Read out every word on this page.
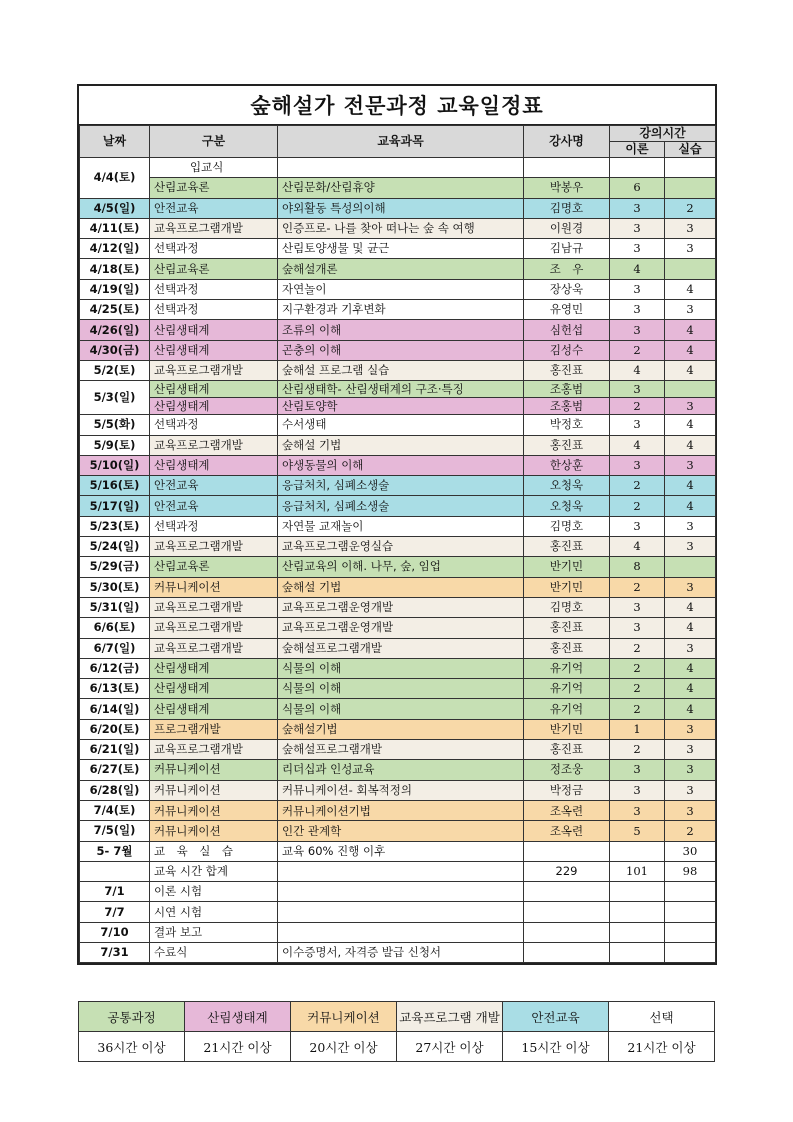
숲해설가 전문과정 교육일정표
날짜	구분	교육과목	강사명	강의시간	
				이론	실습
4/4(토)	입교식				
	산림교육론	산림문화/산림휴양	박봉우	6	
4/5(일)	안전교육	야외활동 특성의이해	김명호	3	2
4/11(토)	교육프로그램개발	인증프로- 나를 찾아 떠나는 숲 속 여행	이원경	3	3
4/12(일)	선택과정	산림토양생물 및 균근	김남규	3	3
4/18(토)	산림교육론	숲해설개론	조　우	4	
4/19(일)	선택과정	자연놀이	장상욱	3	4
4/25(토)	선택과정	지구환경과 기후변화	유영민	3	3
4/26(일)	산림생태계	조류의 이해	심헌섭	3	4
4/30(금)	산림생태계	곤충의 이해	김성수	2	4
5/2(토)	교육프로그램개발	숲해설 프로그램 실습	홍진표	4	4
5/3(일)	산림생태계	산림생태학- 산림생태계의 구조·특징	조홍범	3	
	산림생태계	산림토양학	조홍범	2	3
5/5(화)	선택과정	수서생태	박정호	3	4
5/9(토)	교육프로그램개발	숲해설 기법	홍진표	4	4
5/10(일)	산림생태계	야생동물의 이해	한상훈	3	3
5/16(토)	안전교육	응급처치, 심폐소생술	오청욱	2	4
5/17(일)	안전교육	응급처치, 심폐소생술	오청욱	2	4
5/23(토)	선택과정	자연물 교재놀이	김명호	3	3
5/24(일)	교육프로그램개발	교육프로그램운영실습	홍진표	4	3
5/29(금)	산림교육론	산림교육의 이해. 나무, 숲, 임업	반기민	8	
5/30(토)	커뮤니케이션	숲해설 기법	반기민	2	3
5/31(일)	교육프로그램개발	교육프로그램운영개발	김명호	3	4
6/6(토)	교육프로그램개발	교육프로그램운영개발	홍진표	3	4
6/7(일)	교육프로그램개발	숲해설프로그램개발	홍진표	2	3
6/12(금)	산림생태계	식물의 이해	유기억	2	4
6/13(토)	산림생태계	식물의 이해	유기억	2	4
6/14(일)	산림생태계	식물의 이해	유기억	2	4
6/20(토)	프로그램개발	숲해설기법	반기민	1	3
6/21(일)	교육프로그램개발	숲해설프로그램개발	홍진표	2	3
6/27(토)	커뮤니케이션	리더십과 인성교육	정조웅	3	3
6/28(일)	커뮤니케이션	커뮤니케이션- 회복적정의	박정금	3	3
7/4(토)	커뮤니케이션	커뮤니케이션기법	조옥련	3	3
7/5(일)	커뮤니케이션	인간 관계학	조옥련	5	2
5- 7월	교　육　실　습	교육 60% 진행 이후			30
	교육 시간 합계		229	101	98
7/1	이론 시험				
7/7	시연 시험				
7/10	결과 보고				
7/31	수료식	이수증명서, 자격증 발급 신청서			
공통과정	산림생태계	커뮤니케이션	교육프로그램 개발	안전교육	선택
36시간 이상	21시간 이상	20시간 이상	27시간 이상	15시간 이상	21시간 이상
